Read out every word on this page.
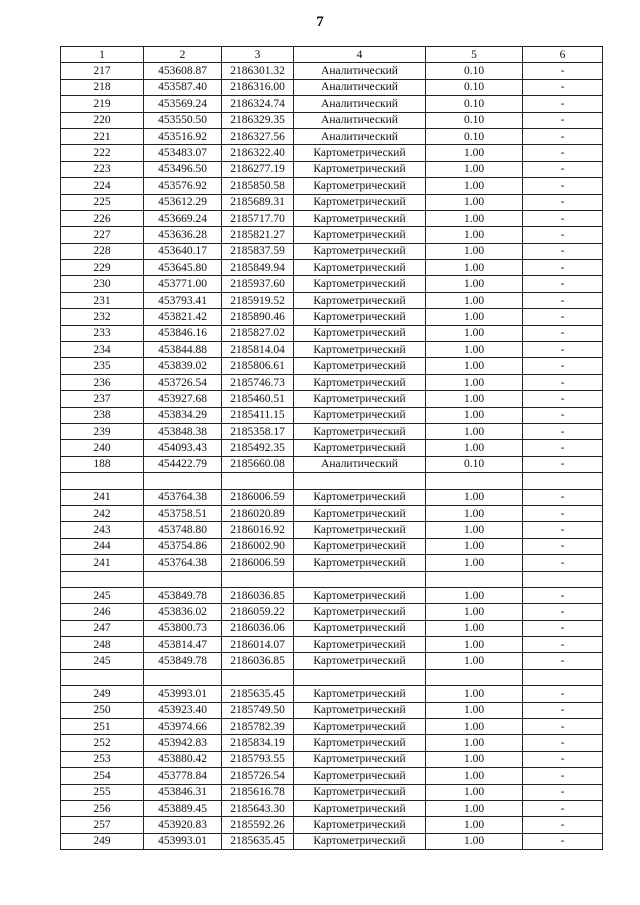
7
1	2	3	4	5	6
217	453608.87	2186301.32	Аналитический	0.10	-
218	453587.40	2186316.00	Аналитический	0.10	-
219	453569.24	2186324.74	Аналитический	0.10	-
220	453550.50	2186329.35	Аналитический	0.10	-
221	453516.92	2186327.56	Аналитический	0.10	-
222	453483.07	2186322.40	Картометрический	1.00	-
223	453496.50	2186277.19	Картометрический	1.00	-
224	453576.92	2185850.58	Картометрический	1.00	-
225	453612.29	2185689.31	Картометрический	1.00	-
226	453669.24	2185717.70	Картометрический	1.00	-
227	453636.28	2185821.27	Картометрический	1.00	-
228	453640.17	2185837.59	Картометрический	1.00	-
229	453645.80	2185849.94	Картометрический	1.00	-
230	453771.00	2185937.60	Картометрический	1.00	-
231	453793.41	2185919.52	Картометрический	1.00	-
232	453821.42	2185890.46	Картометрический	1.00	-
233	453846.16	2185827.02	Картометрический	1.00	-
234	453844.88	2185814.04	Картометрический	1.00	-
235	453839.02	2185806.61	Картометрический	1.00	-
236	453726.54	2185746.73	Картометрический	1.00	-
237	453927.68	2185460.51	Картометрический	1.00	-
238	453834.29	2185411.15	Картометрический	1.00	-
239	453848.38	2185358.17	Картометрический	1.00	-
240	454093.43	2185492.35	Картометрический	1.00	-
188	454422.79	2185660.08	Аналитический	0.10	-

241	453764.38	2186006.59	Картометрический	1.00	-
242	453758.51	2186020.89	Картометрический	1.00	-
243	453748.80	2186016.92	Картометрический	1.00	-
244	453754.86	2186002.90	Картометрический	1.00	-
241	453764.38	2186006.59	Картометрический	1.00	-

245	453849.78	2186036.85	Картометрический	1.00	-
246	453836.02	2186059.22	Картометрический	1.00	-
247	453800.73	2186036.06	Картометрический	1.00	-
248	453814.47	2186014.07	Картометрический	1.00	-
245	453849.78	2186036.85	Картометрический	1.00	-

249	453993.01	2185635.45	Картометрический	1.00	-
250	453923.40	2185749.50	Картометрический	1.00	-
251	453974.66	2185782.39	Картометрический	1.00	-
252	453942.83	2185834.19	Картометрический	1.00	-
253	453880.42	2185793.55	Картометрический	1.00	-
254	453778.84	2185726.54	Картометрический	1.00	-
255	453846.31	2185616.78	Картометрический	1.00	-
256	453889.45	2185643.30	Картометрический	1.00	-
257	453920.83	2185592.26	Картометрический	1.00	-
249	453993.01	2185635.45	Картометрический	1.00	-
